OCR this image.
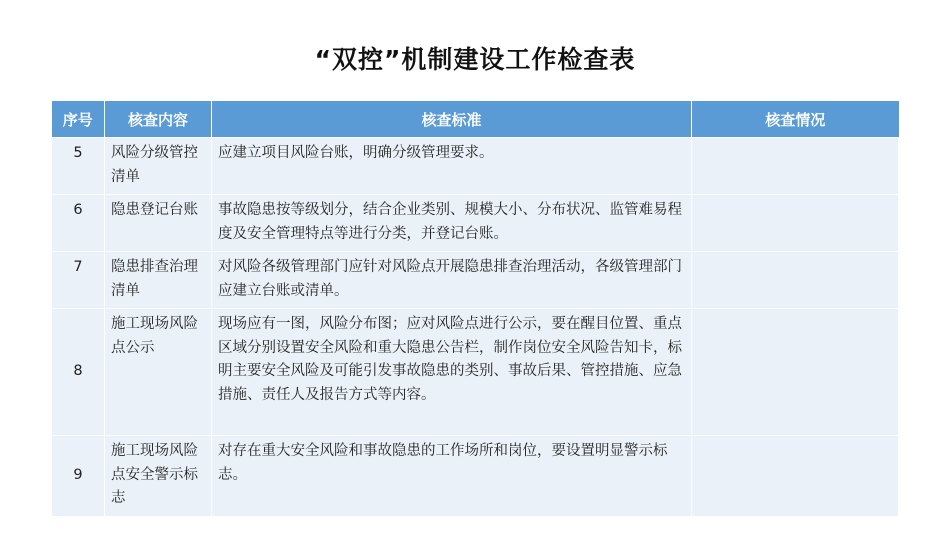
“双控”机制建设工作检查表
序号	核查内容	核查标准	核查情况
5	风险分级管控清单	应建立项目风险台账，明确分级管理要求。	
6	隐患登记台账	事故隐患按等级划分，结合企业类别、规模大小、分布状况、监管难易程度及安全管理特点等进行分类，并登记台账。	
7	隐患排查治理清单	对风险各级管理部门应针对风险点开展隐患排查治理活动，各级管理部门应建立台账或清单。	
8	施工现场风险点公示	现场应有一图，风险分布图；应对风险点进行公示，要在醒目位置、重点区域分别设置安全风险和重大隐患公告栏，制作岗位安全风险告知卡，标明主要安全风险及可能引发事故隐患的类别、事故后果、管控措施、应急措施、责任人及报告方式等内容。	
9	施工现场风险点安全警示标志	对存在重大安全风险和事故隐患的工作场所和岗位，要设置明显警示标志。	
